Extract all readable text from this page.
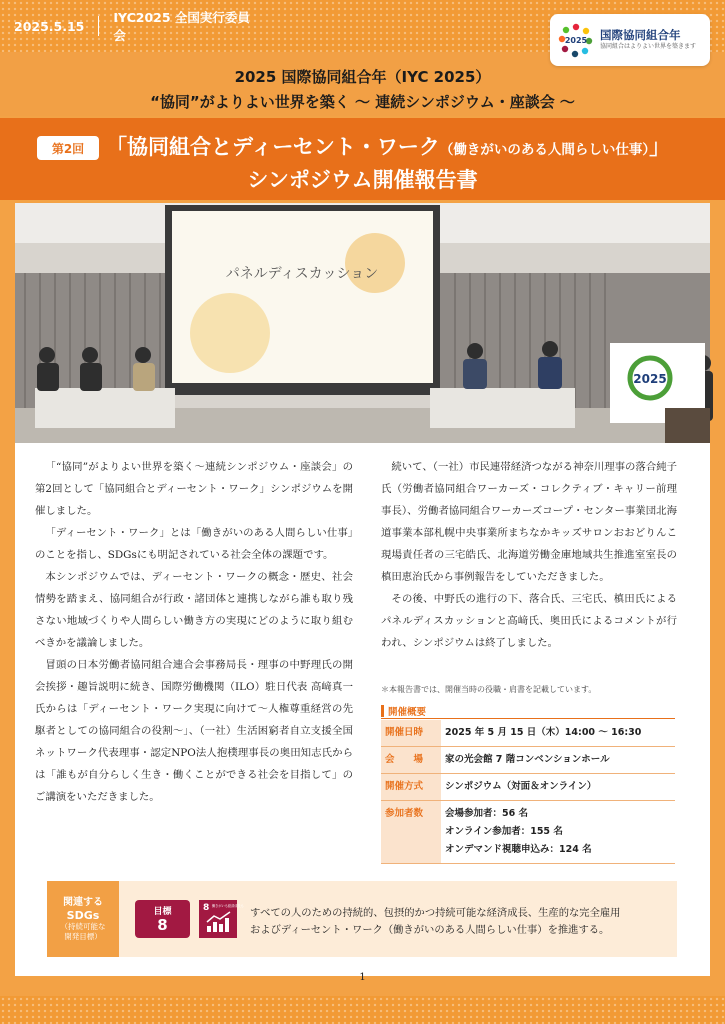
2025.5.15
IYC2025 全国実行委員会	2025 国際協同組合年
協同組合はよりよい世界を築きます
2025 国際協同組合年（IYC 2025）
“協同”がよりよい世界を築く ～ 連続シンポジウム・座談会 ～
第2回	「協同組合とディーセント・ワーク（働きがいのある人間らしい仕事）」
シンポジウム開催報告書
パネルディスカッション
2025

「“協同”がよりよい世界を築く～連続シンポジウム・座談会」の第2回として「協同組合とディーセント・ワーク」シンポジウムを開催しました。

「ディーセント・ワーク」とは「働きがいのある人間らしい仕事」のことを指し、SDGsにも明記されている社会全体の課題です。

本シンポジウムでは、ディーセント・ワークの概念・歴史、社会情勢を踏まえ、協同組合が行政・諸団体と連携しながら誰も取り残さない地域づくりや人間らしい働き方の実現にどのように取り組むべきかを議論しました。

冒頭の日本労働者協同組合連合会事務局長・理事の中野理氏の開会挨拶・趣旨説明に続き、国際労働機関（ILO）駐日代表 高﨑真一氏からは「ディーセント・ワーク実現に向けて～人権尊重経営の先駆者としての協同組合の役割～」、（一社）生活困窮者自立支援全国ネットワーク代表理事・認定NPO法人抱樸理事長の奥田知志氏からは「誰もが自分らしく生き・働くことができる社会を目指して」のご講演をいただきました。

続いて、（一社）市民連帯経済つながる神奈川理事の落合純子氏（労働者協同組合ワーカーズ・コレクティブ・キャリー前理事長）、労働者協同組合ワーカーズコープ・センター事業団北海道事業本部札幌中央事業所まちなかキッズサロンおおどりんこ現場責任者の三宅皓氏、北海道労働金庫地域共生推進室室長の槙田恵治氏から事例報告をしていただきました。

その後、中野氏の進行の下、落合氏、三宅氏、槙田氏によるパネルディスカッションと高﨑氏、奥田氏によるコメントが行われ、シンポジウムは終了しました。

＊本報告書では、開催当時の役職・肩書を記載しています。
開催概要
開催日時	2025 年 5 月 15 日（木）14:00 ～ 16:30
会　　場	家の光会館 7 階コンベンションホール
開催方式	シンポジウム（対面＆オンライン）
参加者数	会場参加者：56 名
オンライン参加者：155 名
オンデマンド視聴申込み：124 名
関連する
SDGs
（持続可能な
開発目標）
目標
8
8 働きがいも経済成長も
すべての人のための持続的、包摂的かつ持続可能な経済成長、生産的な完全雇用
およびディーセント・ワーク（働きがいのある人間らしい仕事）を推進する。
1
